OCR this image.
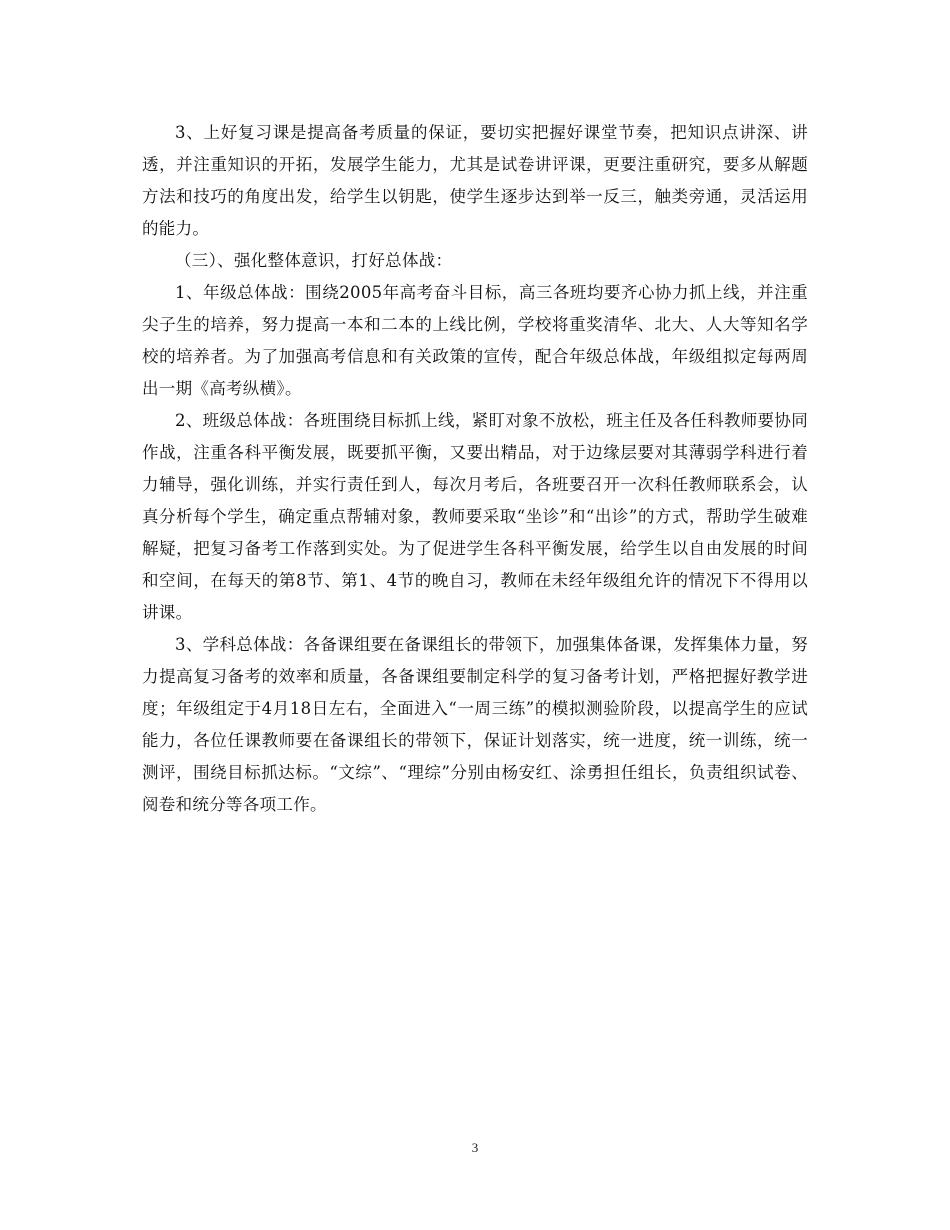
3、上好复习课是提高备考质量的保证，要切实把握好课堂节奏，把知识点讲深、讲透，并注重知识的开拓，发展学生能力，尤其是试卷讲评课，更要注重研究，要多从解题方法和技巧的角度出发，给学生以钥匙，使学生逐步达到举一反三，触类旁通，灵活运用的能力。

（三）、强化整体意识，打好总体战：

1、年级总体战：围绕2005年高考奋斗目标，高三各班均要齐心协力抓上线，并注重尖子生的培养，努力提高一本和二本的上线比例，学校将重奖清华、北大、人大等知名学校的培养者。为了加强高考信息和有关政策的宣传，配合年级总体战，年级组拟定每两周出一期《高考纵横》。

2、班级总体战：各班围绕目标抓上线，紧盯对象不放松，班主任及各任科教师要协同作战，注重各科平衡发展，既要抓平衡，又要出精品，对于边缘层要对其薄弱学科进行着力辅导，强化训练，并实行责任到人，每次月考后，各班要召开一次科任教师联系会，认真分析每个学生，确定重点帮辅对象，教师要采取“坐诊”和“出诊”的方式，帮助学生破难解疑，把复习备考工作落到实处。为了促进学生各科平衡发展，给学生以自由发展的时间和空间，在每天的第8节、第1、4节的晚自习，教师在未经年级组允许的情况下不得用以讲课。

3、学科总体战：各备课组要在备课组长的带领下，加强集体备课，发挥集体力量，努力提高复习备考的效率和质量，各备课组要制定科学的复习备考计划，严格把握好教学进度；年级组定于4月18日左右，全面进入“一周三练”的模拟测验阶段，以提高学生的应试能力，各位任课教师要在备课组长的带领下，保证计划落实，统一进度，统一训练，统一测评，围绕目标抓达标。“文综”、“理综”分别由杨安红、涂勇担任组长，负责组织试卷、阅卷和统分等各项工作。

3
